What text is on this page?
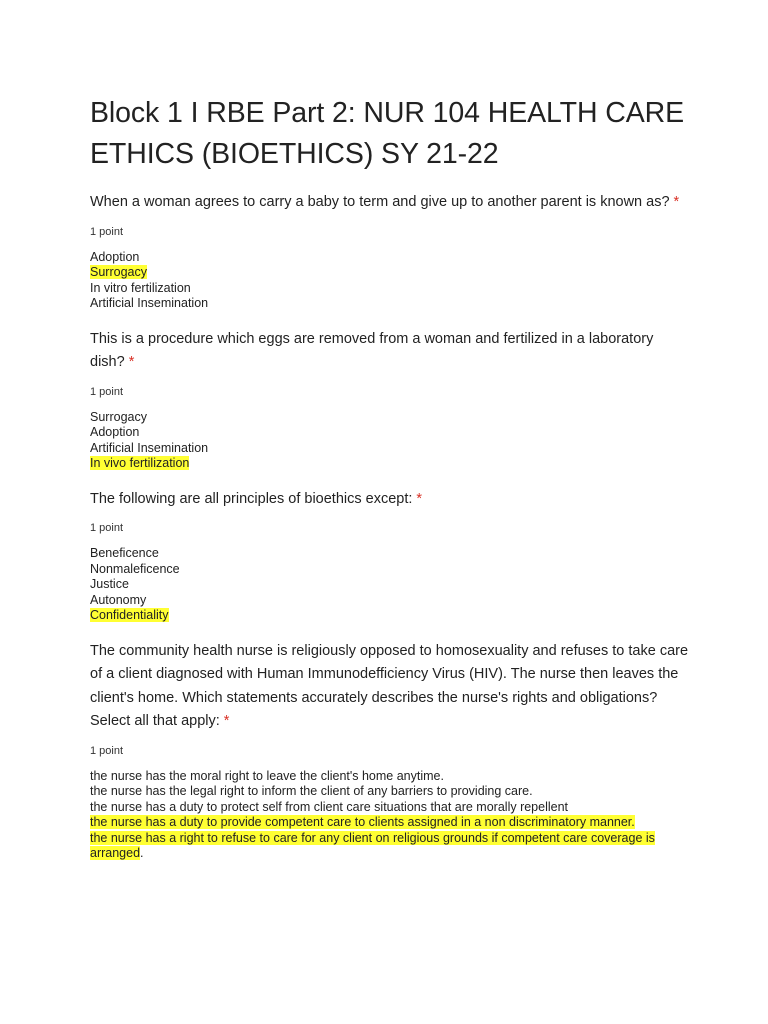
Block 1 I RBE Part 2: NUR 104 HEALTH CARE ETHICS (BIOETHICS) SY 21-22

When a woman agrees to carry a baby to term and give up to another parent is known as? *

1 point
Adoption
Surrogacy
In vitro fertilization
Artificial Insemination

This is a procedure which eggs are removed from a woman and fertilized in a laboratory dish? *

1 point
Surrogacy
Adoption
Artificial Insemination
In vivo fertilization

The following are all principles of bioethics except: *

1 point
Beneficence
Nonmaleficence
Justice
Autonomy
Confidentiality

The community health nurse is religiously opposed to homosexuality and refuses to take care of a client diagnosed with Human Immunodefficiency Virus (HIV). The nurse then leaves the client's home. Which statements accurately describes the nurse's rights and obligations? Select all that apply: *

1 point
the nurse has the moral right to leave the client's home anytime.
the nurse has the legal right to inform the client of any barriers to providing care.
the nurse has a duty to protect self from client care situations that are morally repellent
the nurse has a duty to provide competent care to clients assigned in a non discriminatory manner.
the nurse has a right to refuse to care for any client on religious grounds if competent care coverage is arranged.
